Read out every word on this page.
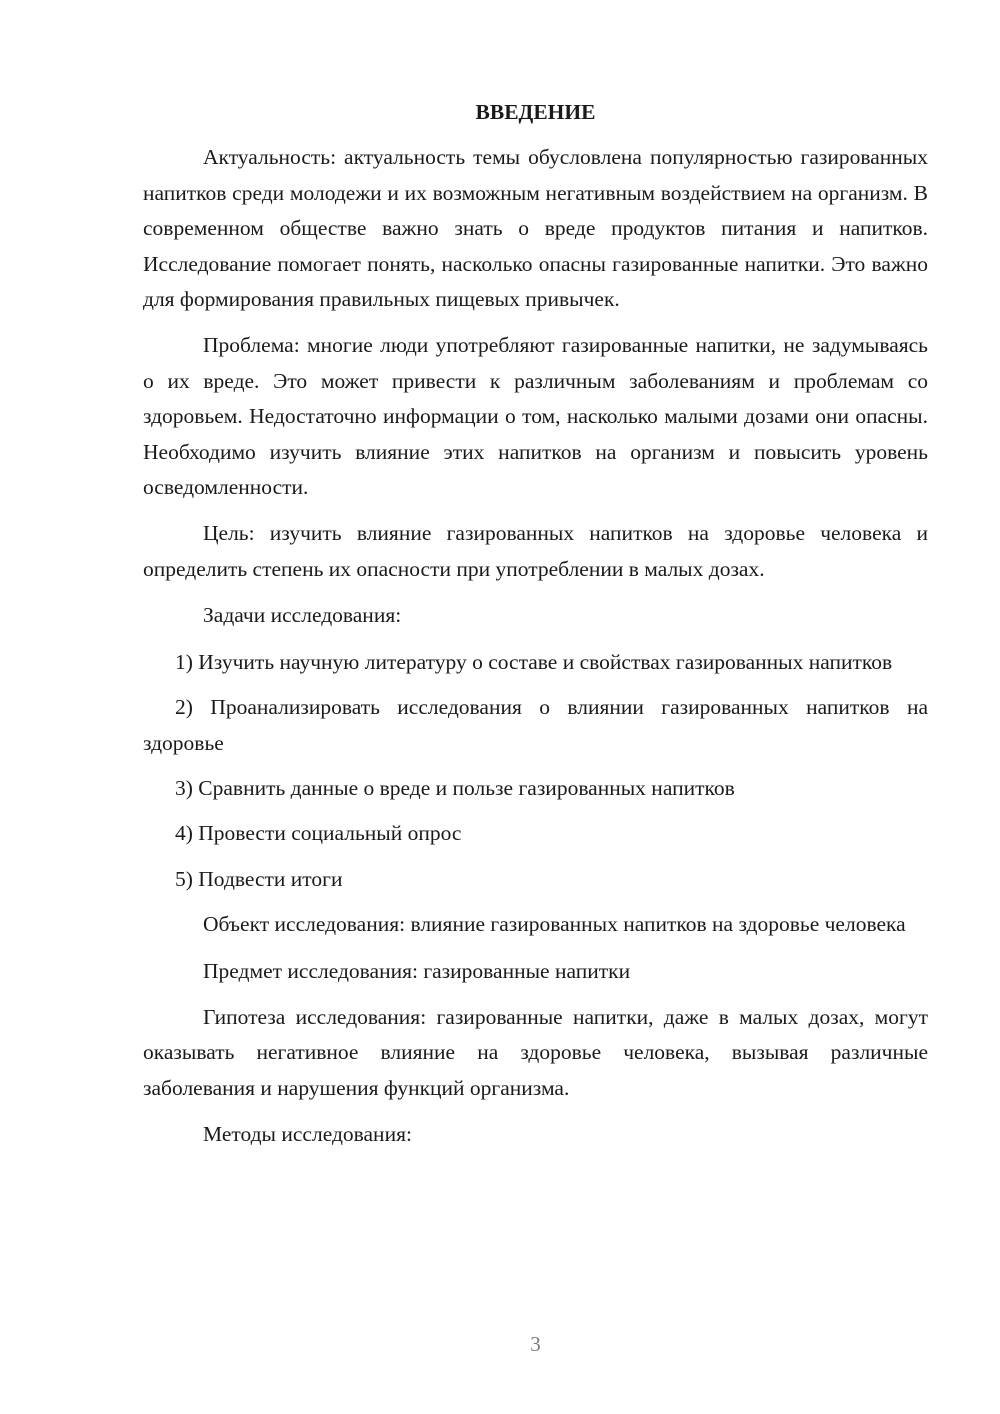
ВВЕДЕНИЕ

Актуальность: актуальность темы обусловлена популярностью газированных напитков среди молодежи и их возможным негативным воздействием на организм. В современном обществе важно знать о вреде продуктов питания и напитков. Исследование помогает понять, насколько опасны газированные напитки. Это важно для формирования правильных пищевых привычек.

Проблема: многие люди употребляют газированные напитки, не задумываясь о их вреде. Это может привести к различным заболеваниям и проблемам со здоровьем. Недостаточно информации о том, насколько малыми дозами они опасны. Необходимо изучить влияние этих напитков на организм и повысить уровень осведомленности.

Цель: изучить влияние газированных напитков на здоровье человека и определить степень их опасности при употреблении в малых дозах.

Задачи исследования:

1) Изучить научную литературу о составе и свойствах газированных напитков

2) Проанализировать исследования о влиянии газированных напитков на здоровье

3) Сравнить данные о вреде и пользе газированных напитков

4) Провести социальный опрос

5) Подвести итоги

Объект исследования: влияние газированных напитков на здоровье человека

Предмет исследования: газированные напитки

Гипотеза исследования: газированные напитки, даже в малых дозах, могут оказывать негативное влияние на здоровье человека, вызывая различные заболевания и нарушения функций организма.

Методы исследования:

3
